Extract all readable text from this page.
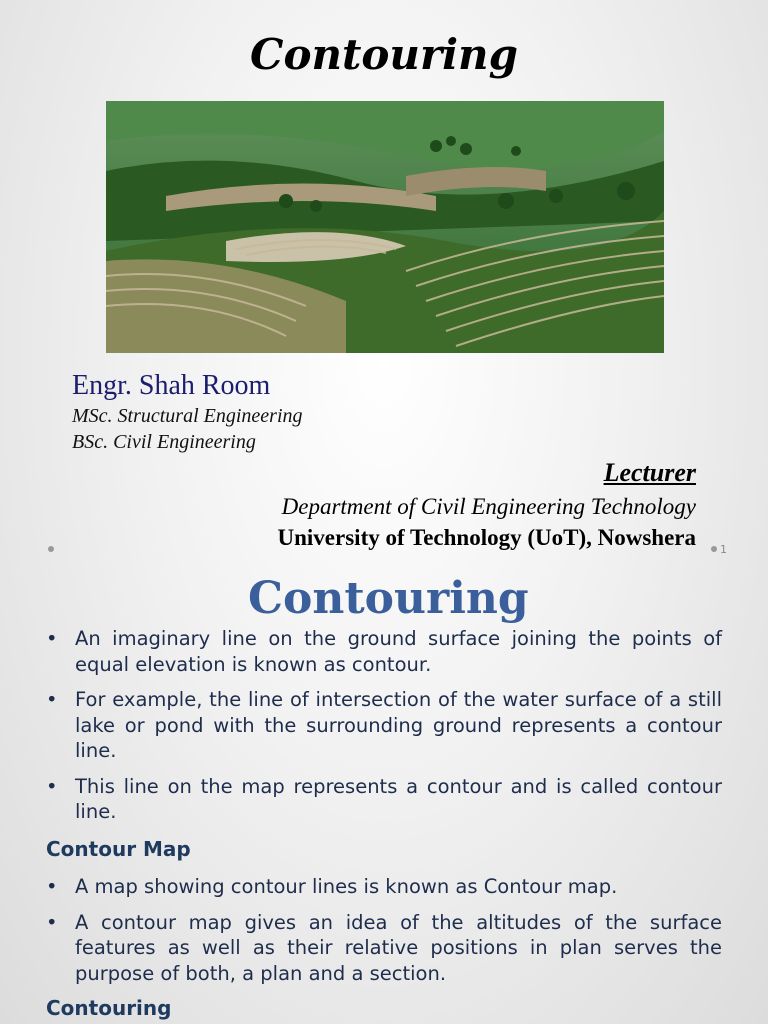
Contouring
Engr. Shah Room
MSc. Structural Engineering
BSc. Civil Engineering
Lecturer
Department of Civil Engineering Technology
University of Technology (UoT), Nowshera 1
Contouring
• An imaginary line on the ground surface joining the points of equal elevation is known as contour.
• For example, the line of intersection of the water surface of a still lake or pond with the surrounding ground represents a contour line.
• This line on the map represents a contour and is called contour line.
Contour Map
• A map showing contour lines is known as Contour map.
• A contour map gives an idea of the altitudes of the surface features as well as their relative positions in plan serves the purpose of both, a plan and a section.
Contouring
